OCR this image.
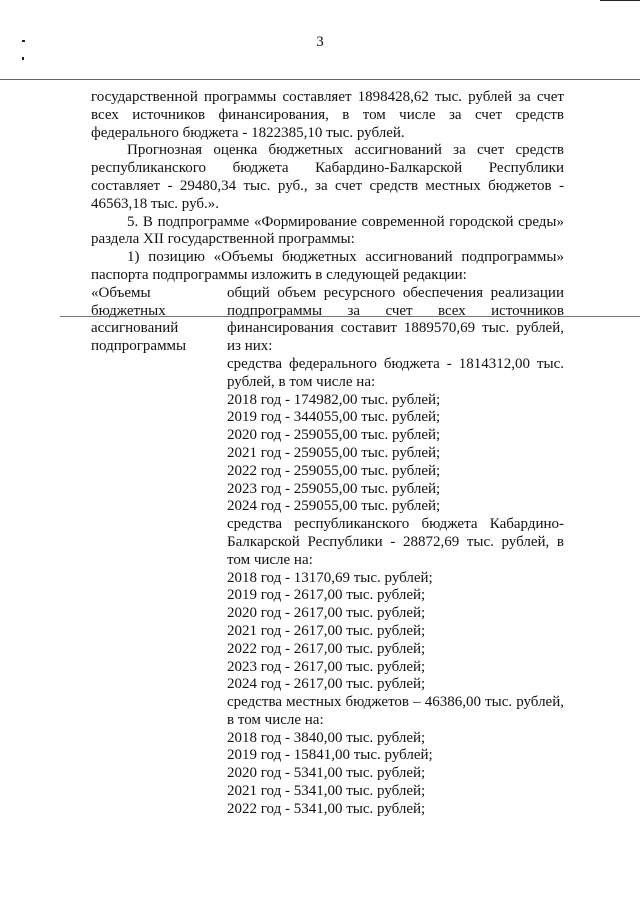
3

государственной программы составляет 1898428,62 тыс. рублей за счет всех источников финансирования, в том числе за счет средств федерального бюджета - 1822385,10 тыс. рублей.

Прогнозная оценка бюджетных ассигнований за счет средств республиканского бюджета Кабардино-Балкарской Республики составляет - 29480,34 тыс. руб., за счет средств местных бюджетов - 46563,18 тыс. руб.».

5. В подпрограмме «Формирование современной городской среды» раздела XII государственной программы:

1) позицию «Объемы бюджетных ассигнований подпрограммы» паспорта подпрограммы изложить в следующей редакции:

«Объемы
бюджетных
ассигнований
подпрограммы

общий объем ресурсного обеспечения реализации подпрограммы за счет всех источников финансирования составит 1889570,69 тыс. рублей, из них:

средства федерального бюджета - 1814312,00 тыс. рублей, в том числе на:

2018 год - 174982,00 тыс. рублей;
2019 год - 344055,00 тыс. рублей;
2020 год - 259055,00 тыс. рублей;
2021 год - 259055,00 тыс. рублей;
2022 год - 259055,00 тыс. рублей;
2023 год - 259055,00 тыс. рублей;
2024 год - 259055,00 тыс. рублей;

средства республиканского бюджета Кабардино-Балкарской Республики - 28872,69 тыс. рублей, в том числе на:

2018 год - 13170,69 тыс. рублей;
2019 год - 2617,00 тыс. рублей;
2020 год - 2617,00 тыс. рублей;
2021 год - 2617,00 тыс. рублей;
2022 год - 2617,00 тыс. рублей;
2023 год - 2617,00 тыс. рублей;
2024 год - 2617,00 тыс. рублей;

средства местных бюджетов – 46386,00 тыс. рублей, в том числе на:

2018 год - 3840,00 тыс. рублей;
2019 год - 15841,00 тыс. рублей;
2020 год - 5341,00 тыс. рублей;
2021 год - 5341,00 тыс. рублей;
2022 год - 5341,00 тыс. рублей;
